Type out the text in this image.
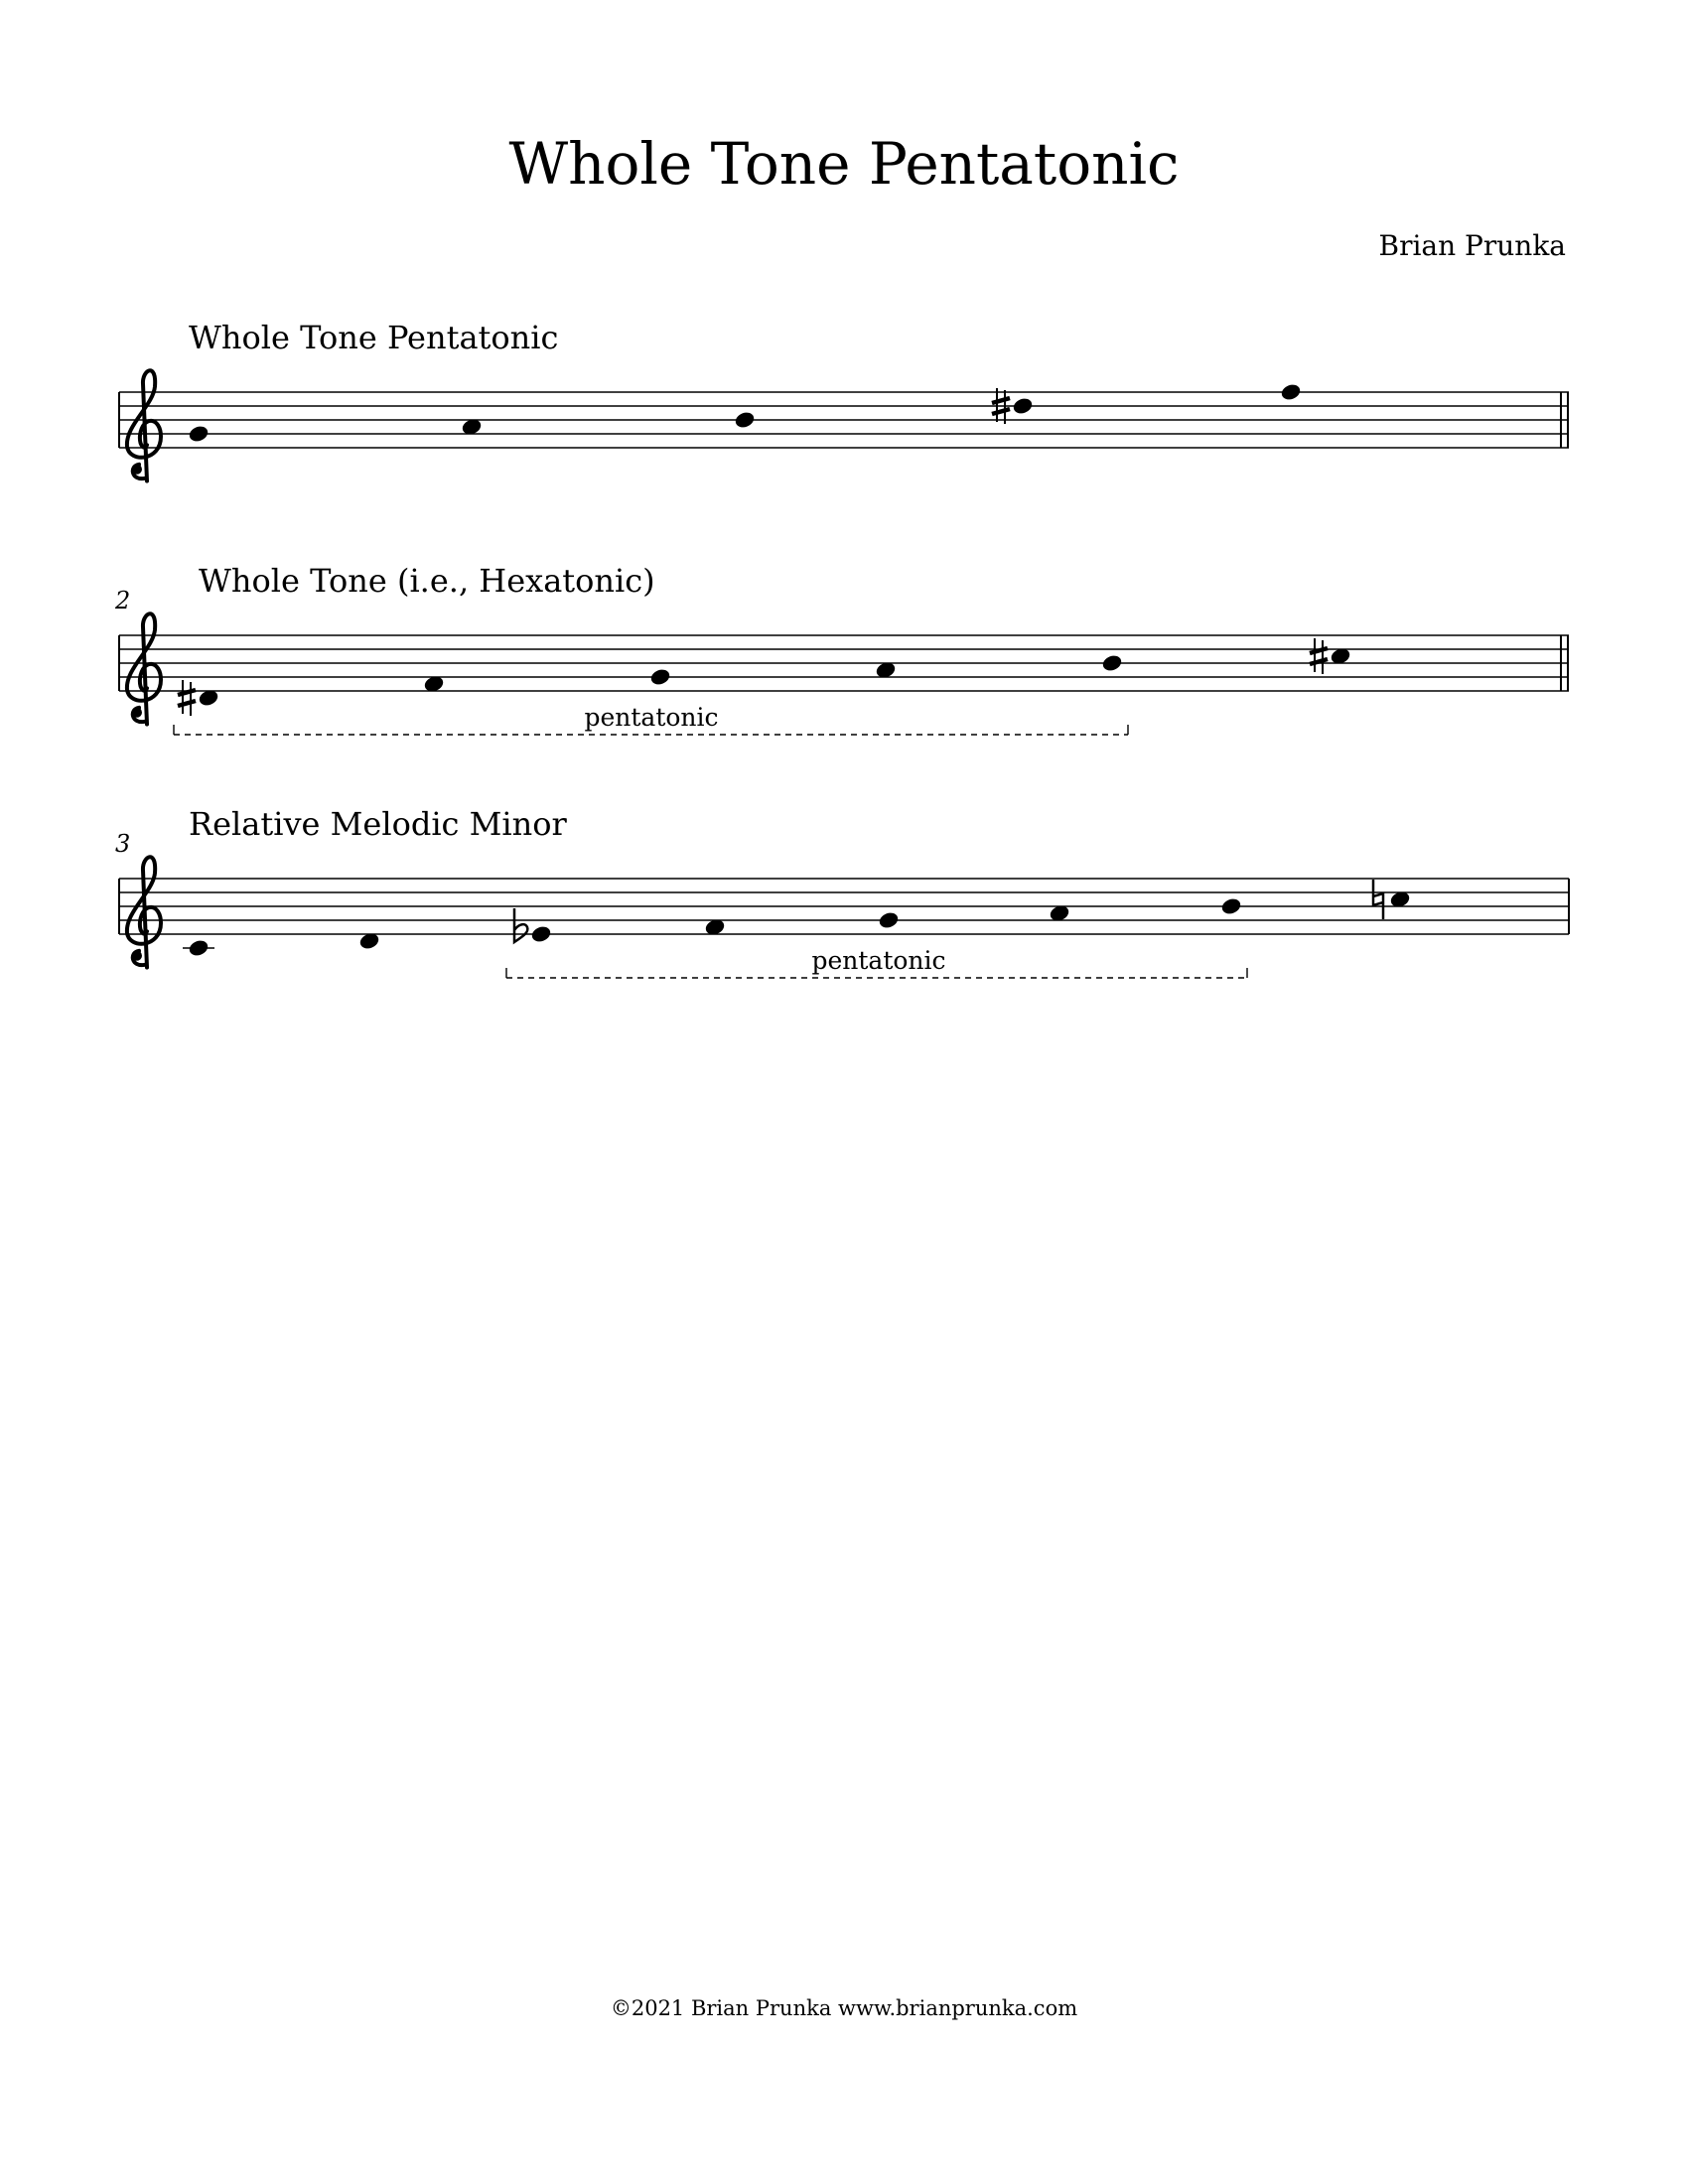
Whole Tone Pentatonic
Brian Prunka
Whole Tone Pentatonic
2
Whole Tone (i.e., Hexatonic)
pentatonic
3
Relative Melodic Minor
pentatonic
©2021 Brian Prunka www.brianprunka.com
